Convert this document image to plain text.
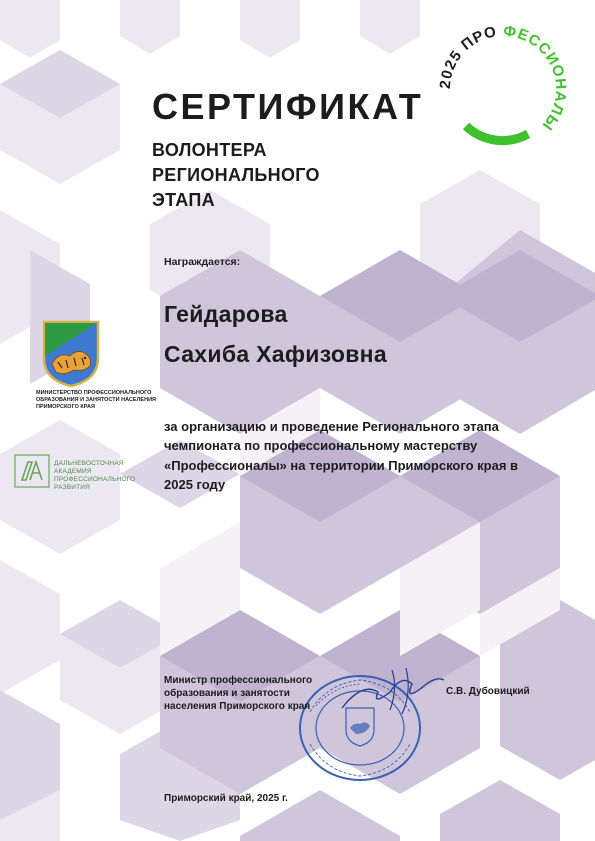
2025 ПРО ФЕССИОНАЛЫ
СЕРТИФИКАТ
ВОЛОНТЕРА
РЕГИОНАЛЬНОГО
ЭТАПА
Награждается:
Гейдарова
Сахиба Хафизовна
за организацию и проведение Регионального этапа чемпионата по профессиональному мастерству «Профессионалы» на территории Приморского края в 2025 году
МИНИСТЕРСТВО ПРОФЕССИОНАЛЬНОГО
ОБРАЗОВАНИЯ И ЗАНЯТОСТИ НАСЕЛЕНИЯ
ПРИМОРСКОГО КРАЯ
ДАЛЬНЕВОСТОЧНАЯ
АКАДЕМИЯ
ПРОФЕССИОНАЛЬНОГО
РАЗВИТИЯ
Министр профессионального
образования и занятости
населения Приморского края
С.В. Дубовицкий
Приморский край, 2025 г.
